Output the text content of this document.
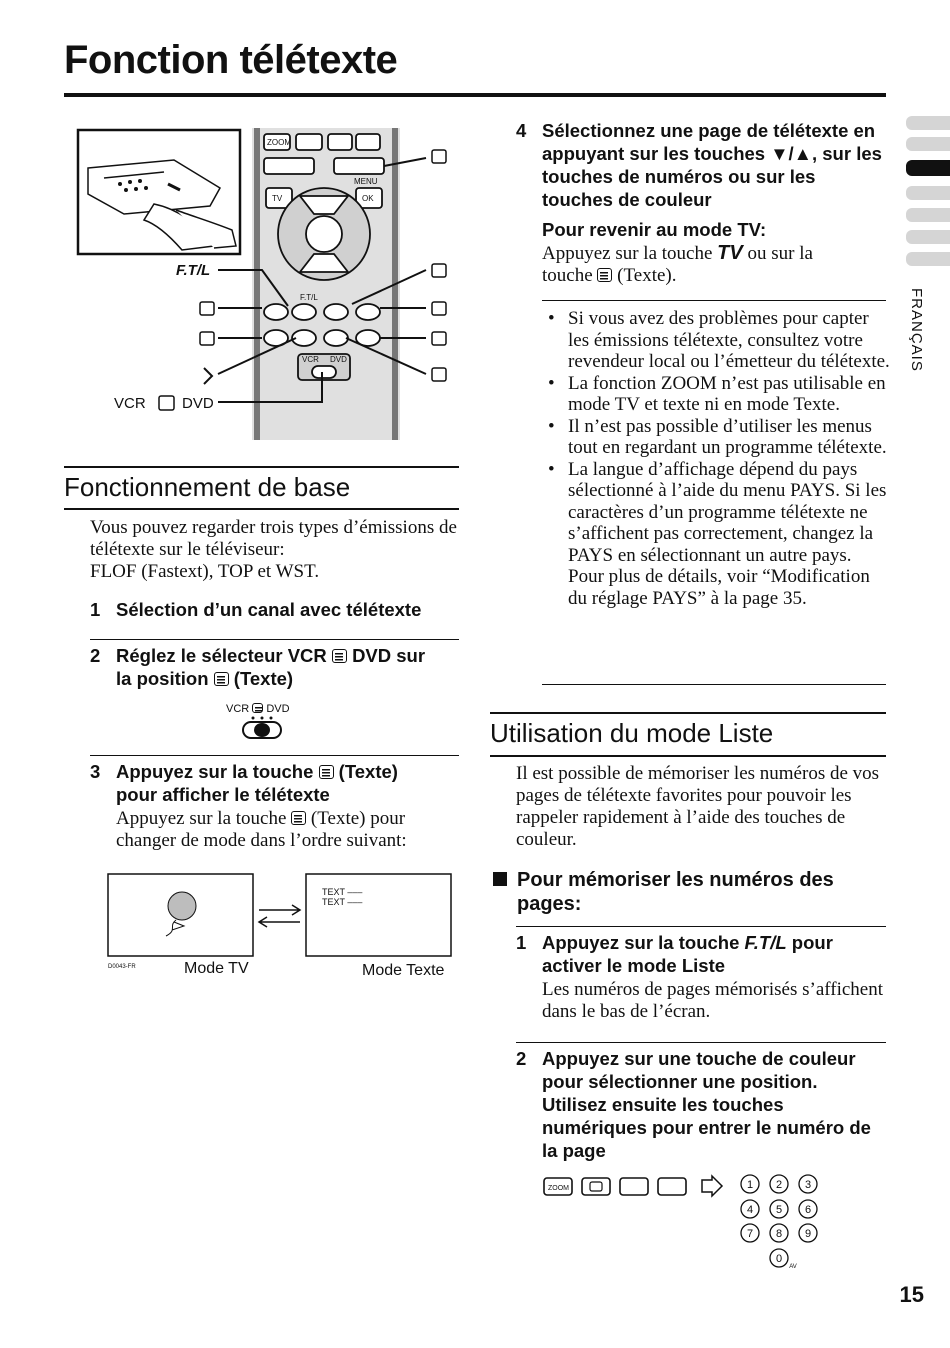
Fonction télétexte
FRANÇAIS
ZOOM
MENU
TV	OK
F.T/L
VCR DVD
F.T/L
VCR DVD
Fonctionnement de base
Vous pouvez regarder trois types d’émissions de télétexte sur le téléviseur:
FLOF (Fastext), TOP et WST.
1 Sélection d’un canal avec télétexte
2 Réglez le sélecteur VCR DVD sur
la position (Texte)
VCR DVD
3 Appuyez sur la touche (Texte)
pour afficher le télétexte
Appuyez sur la touche (Texte) pour changer de mode dans l’ordre suivant:
TEXT –––
TEXT –––
D0043-FR	Mode TV	Mode Texte
4 Sélectionnez une page de télétexte en appuyant sur les touches ▼/▲, sur les touches de numéros ou sur les touches de couleur
Pour revenir au mode TV:
Appuyez sur la touche TV ou sur la
touche (Texte).
• Si vous avez des problèmes pour capter les émissions télétexte, consultez votre revendeur local ou l’émetteur du télétexte.
• La fonction ZOOM n’est pas utilisable en mode TV et texte ni en mode Texte.
• Il n’est pas possible d’utiliser les menus tout en regardant un programme télétexte.
• La langue d’affichage dépend du pays sélectionné à l’aide du menu PAYS. Si les caractères d’un programme télétexte ne s’affichent pas correctement, changez la PAYS en sélectionnant un autre pays. Pour plus de détails, voir “Modification du réglage PAYS” à la page 35.
Utilisation du mode Liste
Il est possible de mémoriser les numéros de vos pages de télétexte favorites pour pouvoir les rappeler rapidement à l’aide des touches de couleur.
Pour mémoriser les numéros des pages:
1 Appuyez sur la touche F.T/L pour activer le mode Liste
Les numéros de pages mémorisés s’affichent dans le bas de l’écran.
2 Appuyez sur une touche de couleur pour sélectionner une position. Utilisez ensuite les touches numériques pour entrer le numéro de la page
ZOOM	1 2 3
4 5 6
7 8 9
0
AV
15
